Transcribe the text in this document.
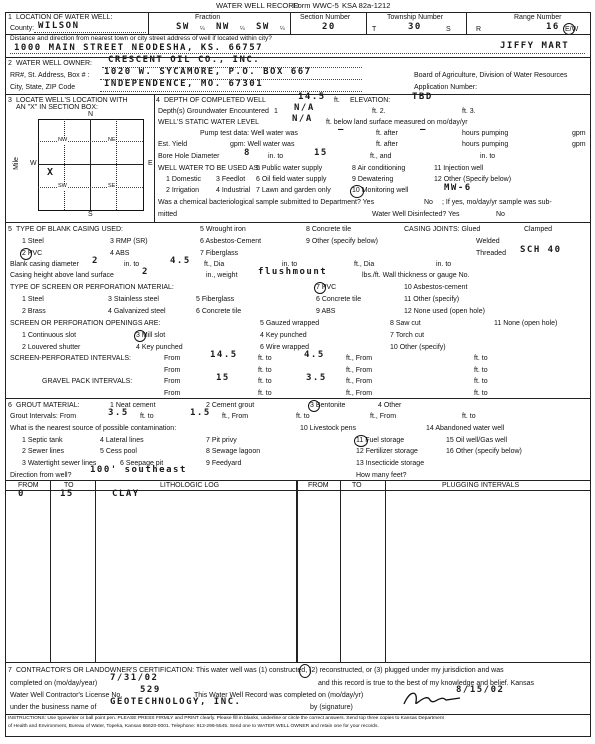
WATER WELL RECORD
Form WWC-5 KSA 82a-1212
1 LOCATION OF WATER WELL:
County: WILSON
Fraction
SW ¼ NW ¼ SW ¼
Section Number
20
Township Number
T	30	S
Range Number
R	16 E/W
Distance and direction from nearest town or city street address of well if located within city?
1000 MAIN STREET NEODESHA, KS. 66757	JIFFY MART
2 WATER WELL OWNER: CRESCENT OIL CO., INC.
RR#, St. Address, Box # : 1020 W. SYCAMORE, P.O. BOX 667
City, State, ZIP Code	INDEPENDENCE, MO. 67301
Board of Agriculture, Division of Water Resources
Application Number:
3 LOCATE WELL'S LOCATION WITH
AN "X" IN SECTION BOX:
N
S
W	E
Mile
NW	NE
SW	SE
X
4 DEPTH OF COMPLETED WELL	14.5 ft. ELEVATION: TBD
Depth(s) Groundwater Encountered 1 N/A	ft. 2.	ft. 3.
WELL'S STATIC WATER LEVEL	N/A ft. below land surface measured on mo/day/yr
Pump test data: Well water was	—	ft. after —	hours pumping	gpm
Est. Yield	gpm: Well water was	ft. after	hours pumping	gpm
Bore Hole Diameter	8 in. to	15	ft., and	in. to
WELL WATER TO BE USED AS:
5 Public water supply	8 Air conditioning	11 Injection well
1 Domestic 3 Feedlot 6 Oil field water supply	9 Dewatering	12 Other (Specify below)
2 Irrigation 4 Industrial 7 Lawn and garden only	10 Monitoring well	MW-6
Was a chemical bacteriological sample submitted to Department? Yes	No ; If yes, mo/day/yr sample was sub-
mitted	Water Well Disinfected? Yes	No
5 TYPE OF BLANK CASING USED:	5 Wrought iron	8 Concrete tile	CASING JOINTS: Glued	Clamped
1 Steel	3 RMP (SR)	6 Asbestos-Cement	9 Other (specify below)	Welded
2 PVC	4 ABS	7 Fiberglass	Threaded SCH 40
Blank casing diameter 2	in. to	4.5 ft., Dia	in. to	ft., Dia	in. to
Casing height above land surface	2	in., weight flushmount	lbs./ft. Wall thickness or gauge No.
TYPE OF SCREEN OR PERFORATION MATERIAL:	7 PVC	10 Asbestos-cement
1 Steel	3 Stainless steel	5 Fiberglass	6 Concrete tile	11 Other (specify)
2 Brass	4 Galvanized steel	6 Concrete tile	9 ABS	12 None used (open hole)
SCREEN OR PERFORATION OPENINGS ARE:	5 Gauzed wrapped
1 Continuous slot	3 Mill slot	4 Key punched
8 Saw cut	11 None (open hole)
7 Torch cut
2 Louvered shutter	4 Key punched	6 Wire wrapped	10 Other (specify)
SCREEN-PERFORATED INTERVALS:	From	14.5	ft. to	4.5	ft., From	ft. to
From	ft. to	ft., From	ft. to
GRAVEL PACK INTERVALS:	From	15	ft. to	3.5	ft., From	ft. to
From	ft. to	ft., From	ft. to
6 GROUT MATERIAL:	1 Neat cement	2 Cement grout	3 Bentonite	4 Other
Grout Intervals: From	3.5 ft. to	1.5 ft., From	ft. to	ft., From	ft. to
What is the nearest source of possible contamination:	10 Livestock pens	14 Abandoned water well
1 Septic tank	4 Lateral lines	7 Pit privy	11 Fuel storage	15 Oil well/Gas well
2 Sewer lines	5 Cess pool	8 Sewage lagoon	12 Fertilizer storage	16 Other (specify below)
3 Watertight sewer lines	6 Seepage pit	9 Feedyard	13 Insecticide storage
Direction from well?
100' southeast
How many feet?
FROM	TO	LITHOLOGIC LOG	FROM	TO	PLUGGING INTERVALS
0	15	CLAY
7 CONTRACTOR'S OR LANDOWNER'S CERTIFICATION: This water well was (1) constructed, (2) reconstructed, or (3) plugged under my jurisdiction and was
completed on (mo/day/year)
7/31/02
and this record is true to the best of my knowledge and belief. Kansas
Water Well Contractor's License No.
529
This Water Well Record was completed on (mo/day/yr)
8/15/02
under the business name of
GEOTECHNOLOGY, INC.
by (signature)
INSTRUCTIONS: Use typewriter or ball point pen. PLEASE PRESS FIRMLY and PRINT clearly. Please fill in blanks, underline or circle the correct answers. Send top three copies to Kansas Department
of Health and Environment, Bureau of Water, Topeka, Kansas 66620-0001. Telephone: 913-296-5545. Send one to WATER WELL OWNER and retain one for your records.
